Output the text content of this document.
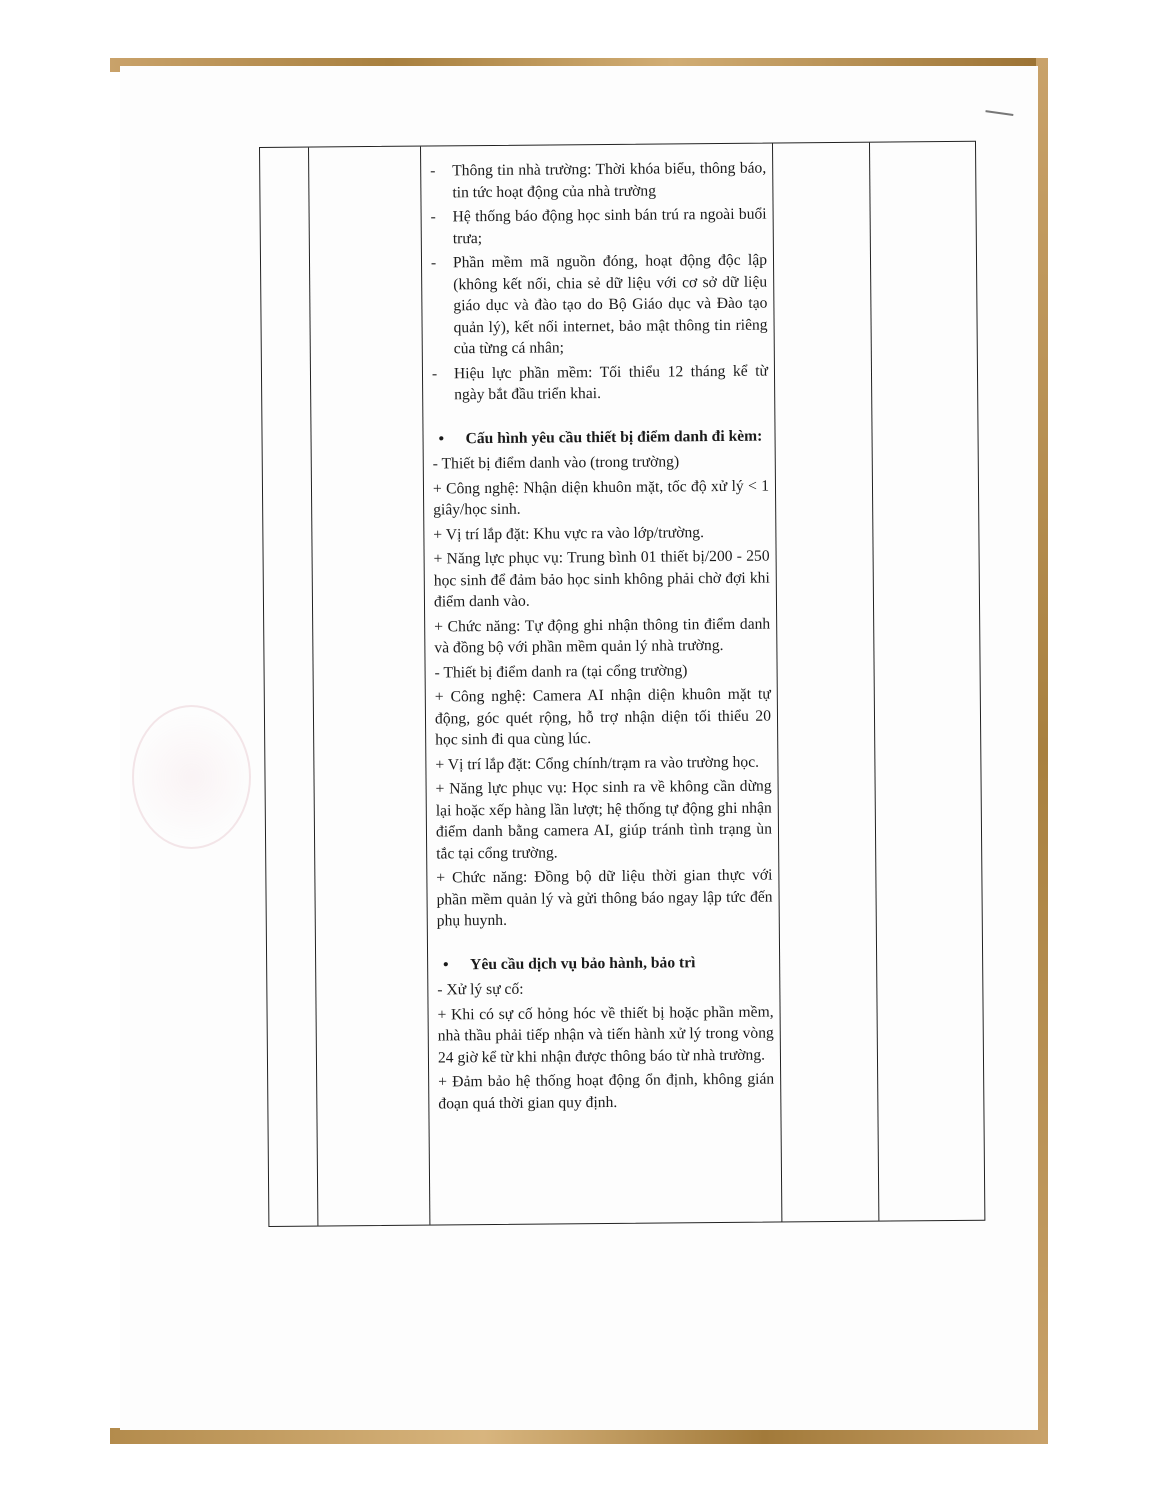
-	Thông tin nhà trường: Thời khóa biểu, thông báo, tin tức hoạt động của nhà trường
-	Hệ thống báo động học sinh bán trú ra ngoài buổi trưa;
-	Phần mềm mã nguồn đóng, hoạt động độc lập (không kết nối, chia sẻ dữ liệu với cơ sở dữ liệu giáo dục và đào tạo do Bộ Giáo dục và Đào tạo quản lý), kết nối internet, bảo mật thông tin riêng của từng cá nhân;
-	Hiệu lực phần mềm: Tối thiểu 12 tháng kể từ ngày bắt đầu triển khai.
•	Cấu hình yêu cầu thiết bị điểm danh đi kèm:
- Thiết bị điểm danh vào (trong trường)
+ Công nghệ: Nhận diện khuôn mặt, tốc độ xử lý < 1 giây/học sinh.
+ Vị trí lắp đặt: Khu vực ra vào lớp/trường.
+ Năng lực phục vụ: Trung bình 01 thiết bị/200 - 250 học sinh để đảm bảo học sinh không phải chờ đợi khi điểm danh vào.
+ Chức năng: Tự động ghi nhận thông tin điểm danh và đồng bộ với phần mềm quản lý nhà trường.
- Thiết bị điểm danh ra (tại cổng trường)
+ Công nghệ: Camera AI nhận diện khuôn mặt tự động, góc quét rộng, hỗ trợ nhận diện tối thiểu 20 học sinh đi qua cùng lúc.
+ Vị trí lắp đặt: Cổng chính/trạm ra vào trường học.
+ Năng lực phục vụ: Học sinh ra về không cần dừng lại hoặc xếp hàng lần lượt; hệ thống tự động ghi nhận điểm danh bằng camera AI, giúp tránh tình trạng ùn tắc tại cổng trường.
+ Chức năng: Đồng bộ dữ liệu thời gian thực với phần mềm quản lý và gửi thông báo ngay lập tức đến phụ huynh.
•	Yêu cầu dịch vụ bảo hành, bảo trì
- Xử lý sự cố:
+ Khi có sự cố hỏng hóc về thiết bị hoặc phần mềm, nhà thầu phải tiếp nhận và tiến hành xử lý trong vòng 24 giờ kể từ khi nhận được thông báo từ nhà trường.
+ Đảm bảo hệ thống hoạt động ổn định, không gián đoạn quá thời gian quy định.
